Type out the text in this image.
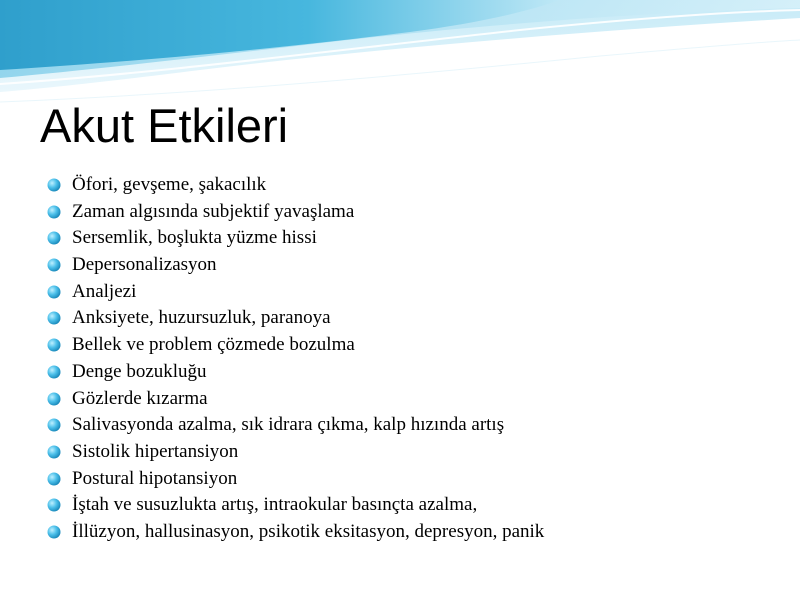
Akut Etkileri
Öfori, gevşeme, şakacılık
Zaman algısında subjektif yavaşlama
Sersemlik, boşlukta yüzme hissi
Depersonalizasyon
Analjezi
Anksiyete, huzursuzluk, paranoya
Bellek ve problem çözmede bozulma
Denge bozukluğu
Gözlerde kızarma
Salivasyonda azalma, sık idrara çıkma, kalp hızında artış
Sistolik hipertansiyon
Postural hipotansiyon
İştah ve susuzlukta artış, intraokular basınçta azalma,
İllüzyon, hallusinasyon, psikotik eksitasyon, depresyon, panik
